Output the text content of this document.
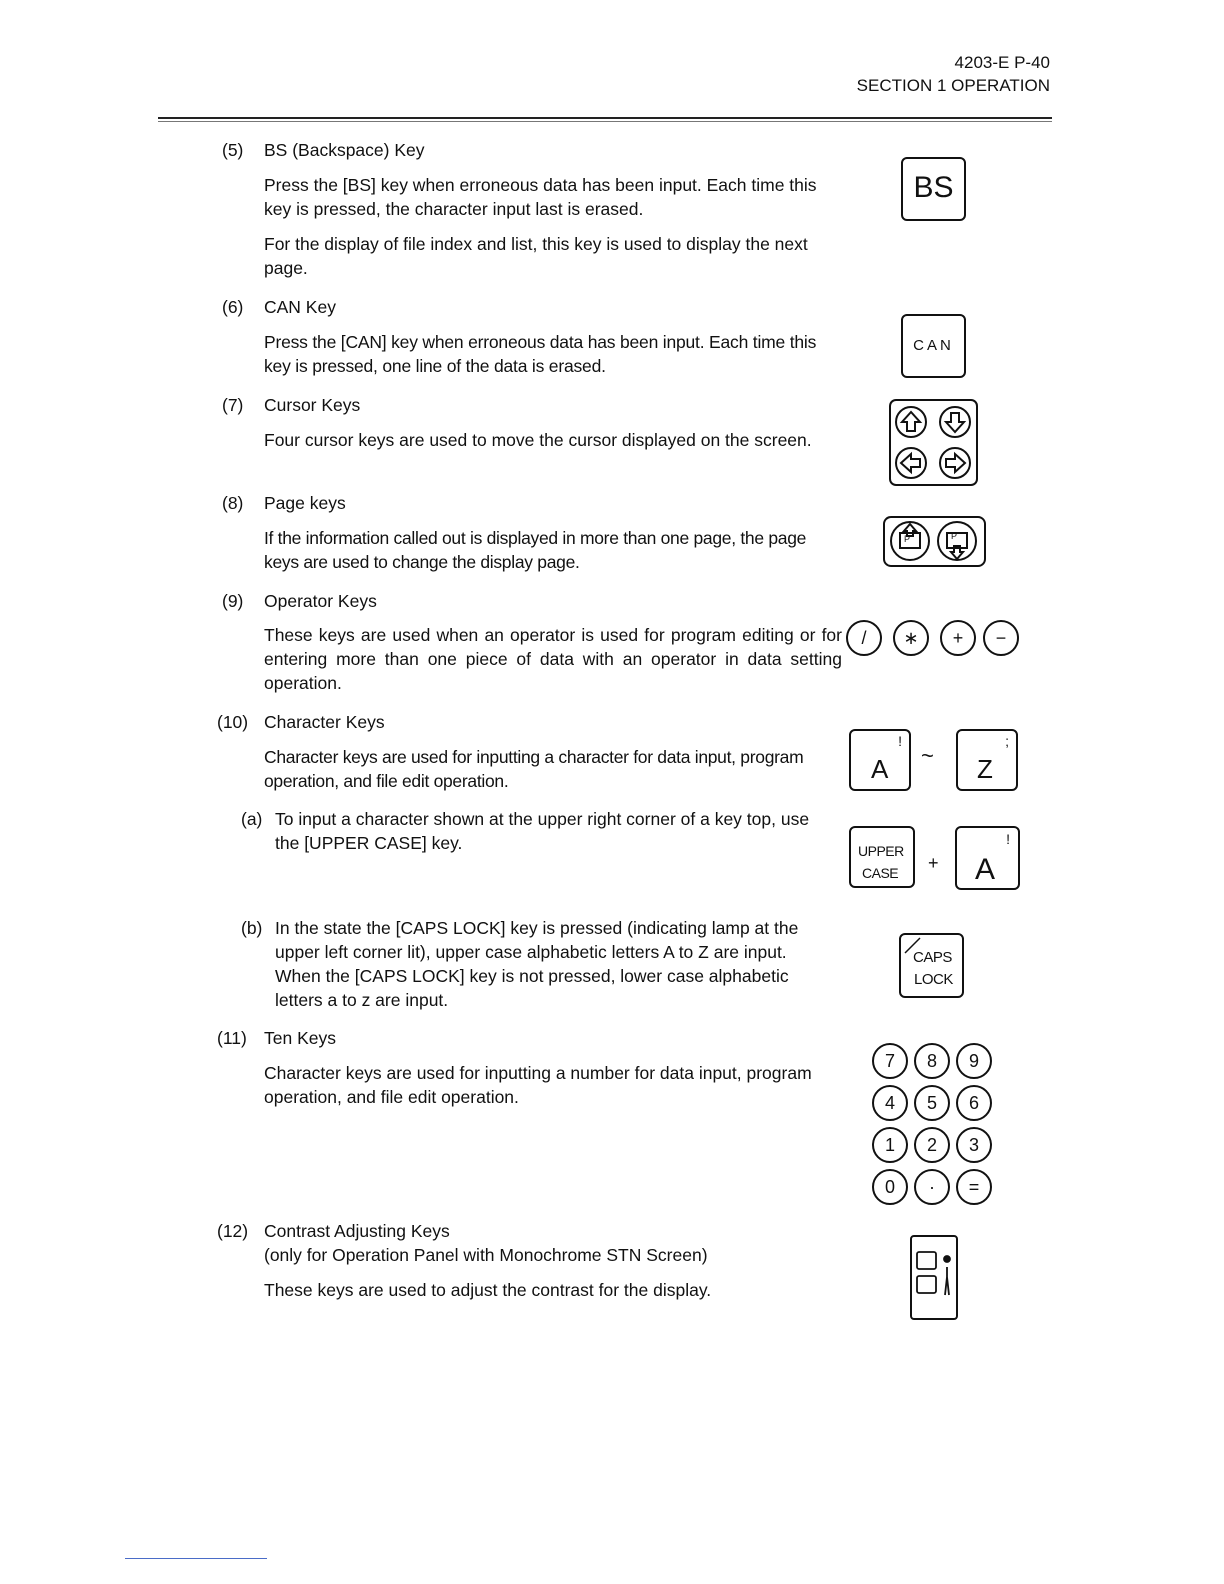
4203-E P-40
SECTION 1 OPERATION
(5) BS (Backspace) Key
Press the [BS] key when erroneous data has been input. Each time this key is pressed, the character input last is erased.
For the display of file index and list, this key is used to display the next page.
BS
(6) CAN Key
Press the [CAN] key when erroneous data has been input. Each time this key is pressed, one line of the data is erased.
CAN
(7) Cursor Keys
Four cursor keys are used to move the cursor displayed on the screen.
(8) Page keys
If the information called out is displayed in more than one page, the page keys are used to change the display page.
P	P
(9) Operator Keys
These keys are used when an operator is used for program editing or for entering more than one piece of data with an operator in data setting operation.
/	∗	+	−
(10) Character Keys
Character keys are used for inputting a character for data input, program operation, and file edit operation.	A
!
~ Z
;
(a) To input a character shown at the upper right corner of a key top, use the [UPPER CASE] key.	UPPER
CASE + A
!
(b) In the state the [CAPS LOCK] key is pressed (indicating lamp at the upper left corner lit), upper case alphabetic letters A to Z are input. When the [CAPS LOCK] key is not pressed, lower case alphabetic letters a to z are input.
CAPS
LOCK
(11) Ten Keys
Character keys are used for inputting a number for data input, program operation, and file edit operation.
7	8	9
4	5	6
1	2	3
0	·	=
(12) Contrast Adjusting Keys
(only for Operation Panel with Monochrome STN Screen)
These keys are used to adjust the contrast for the display.
